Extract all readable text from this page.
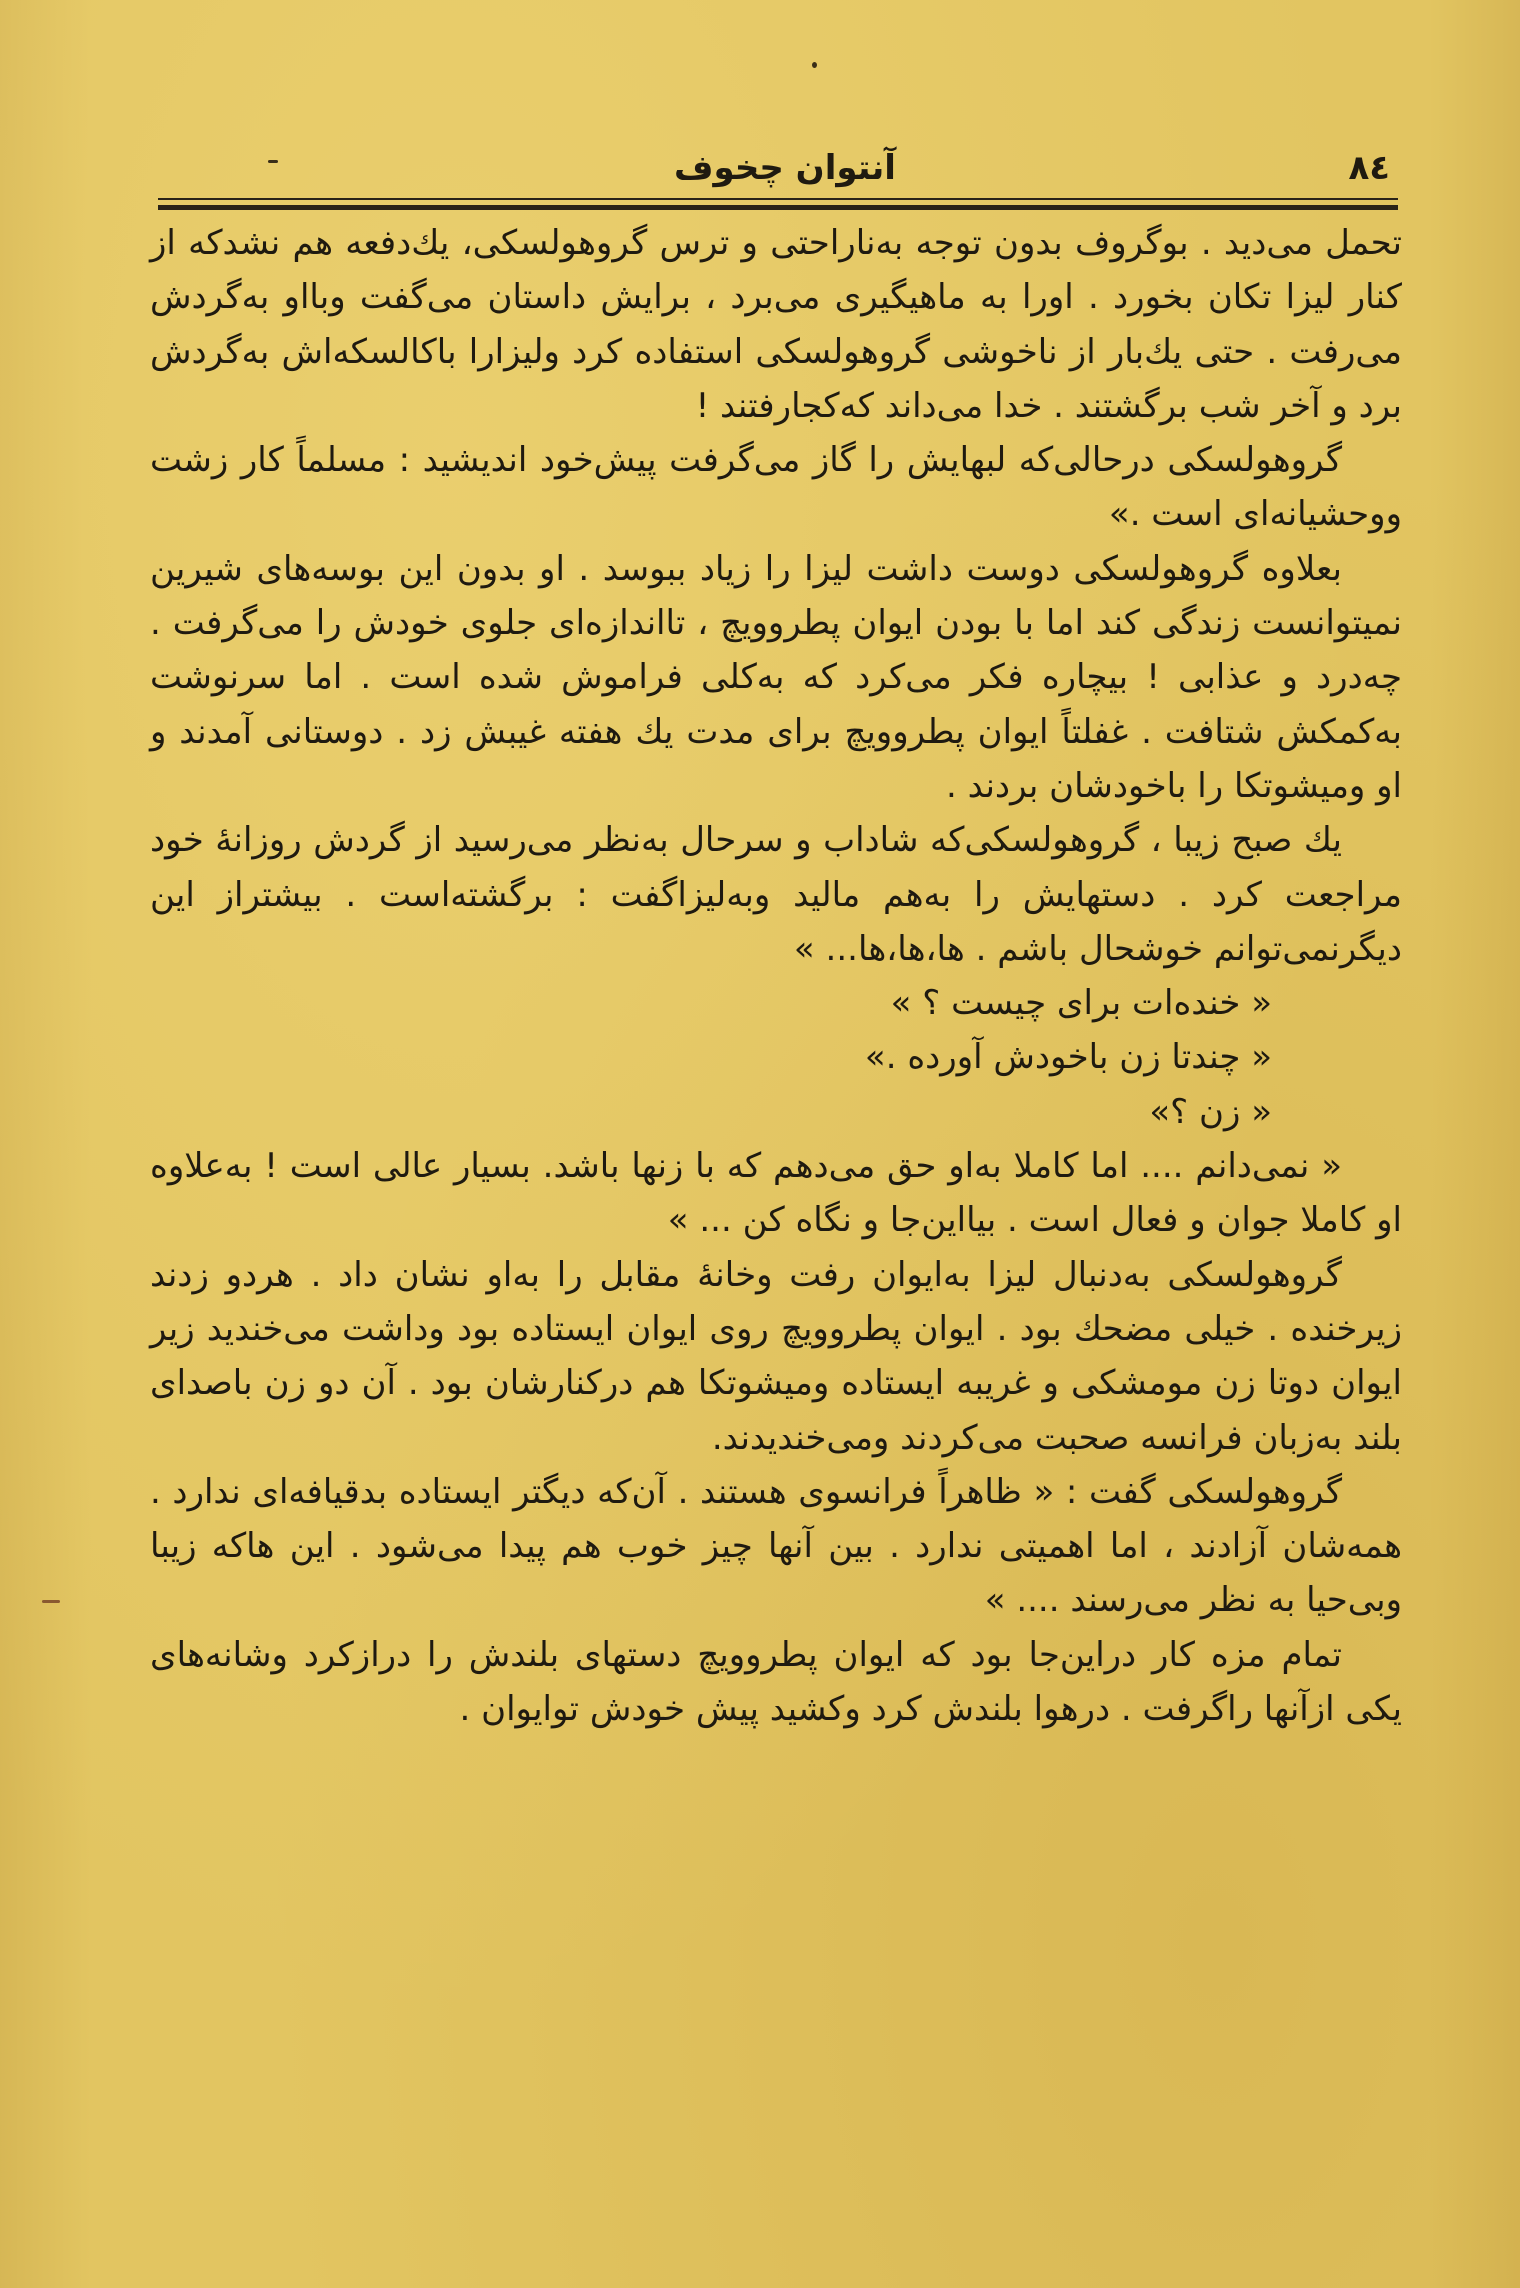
٨٤
آنتوان چخوف

تحمل می‌دید . بوگروف بدون توجه به‌ناراحتی و ترس گروهولسکی، یك‌دفعه هم نشدکه از کنار لیزا تکان بخورد . اورا به ماهیگیری می‌برد ، برایش داستان می‌گفت وبااو به‌گردش می‌رفت . حتی یك‌بار از ناخوشی گروهولسکی استفاده کرد ولیزارا باکالسکه‌اش به‌گردش برد و آخر شب برگشتند . خدا می‌داند که‌کجارفتند !

گروهولسکی درحالی‌که لبهایش را گاز می‌گرفت پیش‌خود اندیشید : مسلماً کار زشت ووحشیانه‌ای است .»

بعلاوه گروهولسکی دوست داشت لیزا را زیاد ببوسد . او بدون این بوسه‌های شیرین نمیتوانست زندگی کند اما با بودن ایوان پطروویچ ، تااندازه‌ای جلوی خودش را می‌گرفت . چه‌درد و عذابی ! بیچاره فکر می‌کرد که به‌کلی فراموش شده است . اما سرنوشت به‌کمکش شتافت . غفلتاً ایوان پطروویچ برای مدت یك هفته غیبش زد . دوستانی آمدند و او ومیشوتکا را باخودشان بردند .

یك صبح زیبا ، گروهولسکی‌که شاداب و سرحال به‌نظر می‌رسید از گردش روزانهٔ خود مراجعت کرد . دستهایش را به‌هم مالید وبه‌لیزاگفت : برگشته‌است . بیشتراز این دیگرنمی‌توانم خوشحال باشم . ها،ها،ها... »

« خنده‌ات برای چیست ؟ »

« چندتا زن باخودش آورده .»

« زن ؟»

« نمی‌دانم .... اما کاملا به‌او حق می‌دهم که با زنها باشد. بسیار عالی است ! به‌علاوه او کاملا جوان و فعال است . بیااین‌جا و نگاه کن ... »

گروهولسکی به‌دنبال لیزا به‌ایوان رفت وخانهٔ مقابل را به‌او نشان داد . هردو زدند زیرخنده . خیلی مضحك بود . ایوان پطروویچ روی ایوان ایستاده بود وداشت می‌خندید زیر ایوان دوتا زن مومشکی و غریبه ایستاده ومیشوتکا هم درکنارشان بود . آن دو زن باصدای بلند به‌زبان فرانسه صحبت می‌کردند ومی‌خندیدند.

گروهولسکی گفت : « ظاهراً فرانسوی هستند . آن‌که دیگتر ایستاده بدقیافه‌ای ندارد . همه‌شان آزادند ، اما اهمیتی ندارد . بین آنها چیز خوب هم پیدا می‌شود . این هاکه زیبا وبی‌حیا به نظر می‌رسند .... »

تمام مزه کار دراین‌جا بود که ایوان پطروویچ دستهای بلندش را درازکرد وشانه‌های یکی ازآنها راگرفت . درهوا بلندش کرد وکشید پیش خودش توایوان .
